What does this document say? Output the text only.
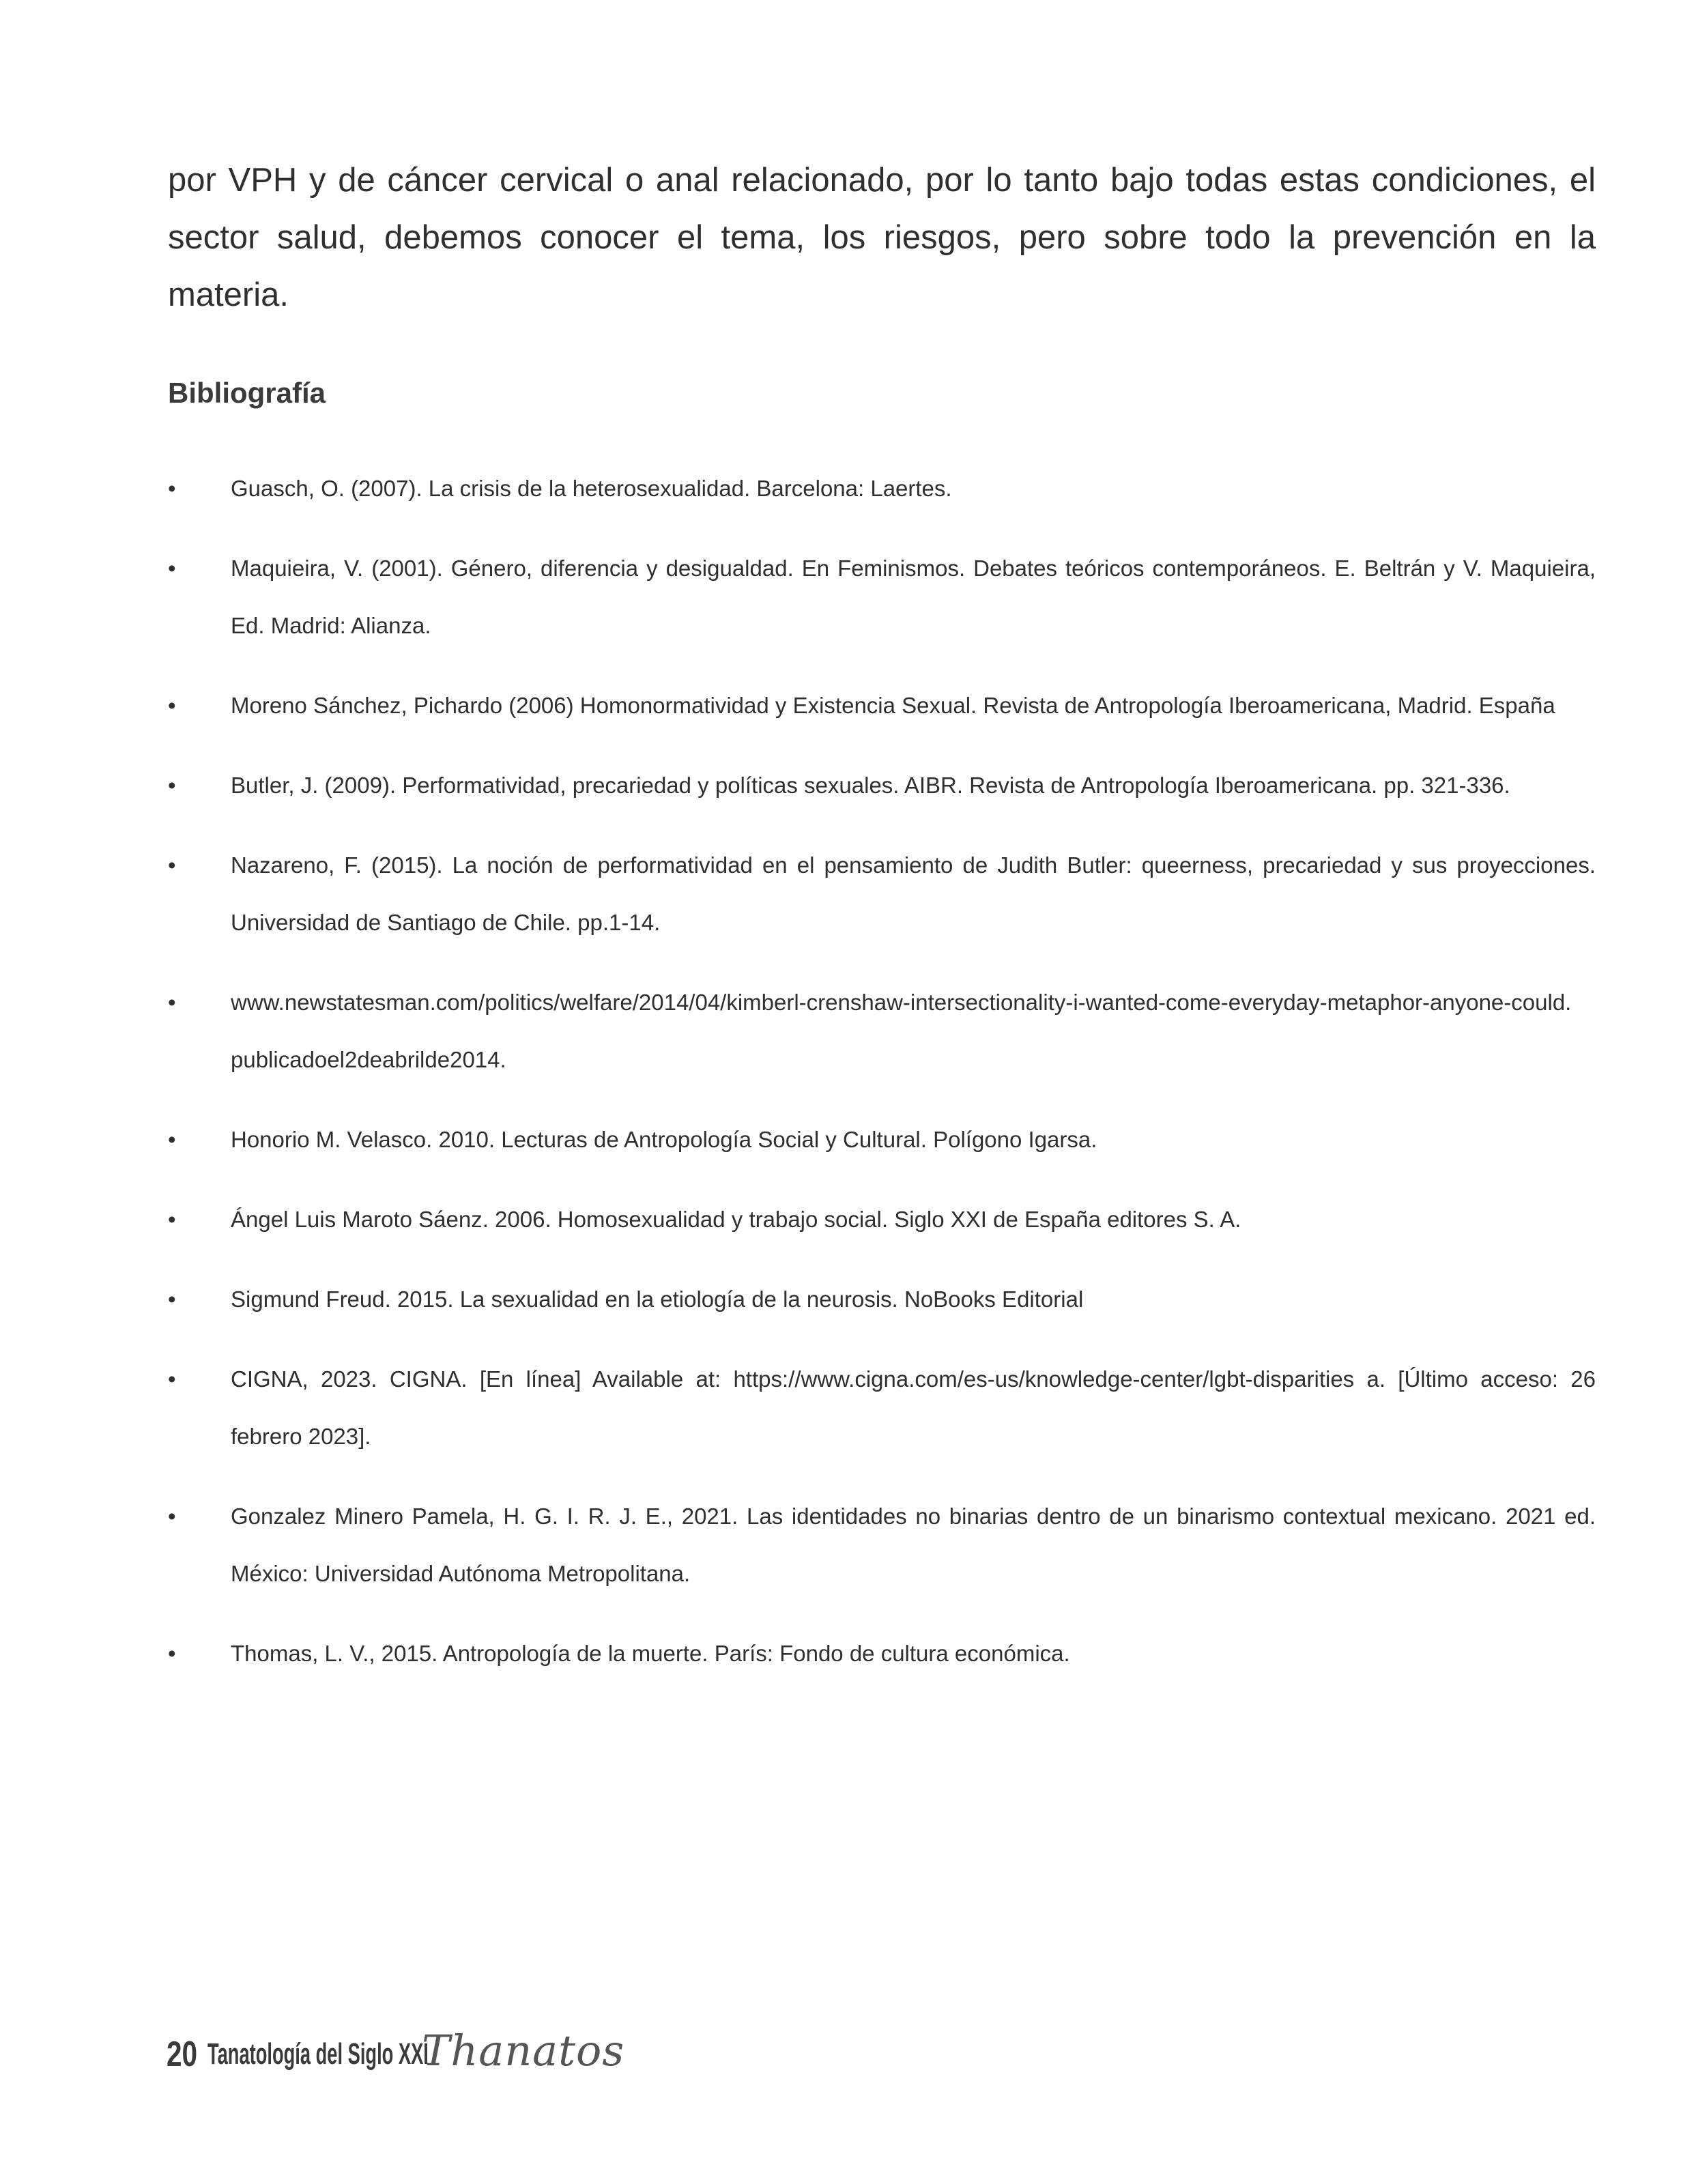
por VPH y de cáncer cervical o anal relacionado, por lo tanto bajo todas estas condiciones, el sector salud, debemos conocer el tema, los riesgos, pero sobre todo la prevención en la materia.

Bibliografía
• Guasch, O. (2007). La crisis de la heterosexualidad. Barcelona: Laertes.
• Maquieira, V. (2001). Género, diferencia y desigualdad. En Feminismos. Debates teóricos contemporáneos. E. Beltrán y V. Maquieira, Ed. Madrid: Alianza.
• Moreno Sánchez, Pichardo (2006) Homonormatividad y Existencia Sexual. Revista de Antropología Iberoamericana, Madrid. España
• Butler, J. (2009). Performatividad, precariedad y políticas sexuales. AIBR. Revista de Antropología Iberoamericana. pp. 321-336.
• Nazareno, F. (2015). La noción de performatividad en el pensamiento de Judith Butler: queerness, precariedad y sus proyecciones. Universidad de Santiago de Chile. pp.1-14.
• www.newstatesman.com/politics/welfare/2014/04/kimberl-crenshaw-intersectionality-i-wanted-come-everyday-metaphor-anyone-could. publicadoel2deabrilde2014.
• Honorio M. Velasco. 2010. Lecturas de Antropología Social y Cultural. Polígono Igarsa.
• Ángel Luis Maroto Sáenz. 2006. Homosexualidad y trabajo social. Siglo XXI de España editores S. A.
• Sigmund Freud. 2015. La sexualidad en la etiología de la neurosis. NoBooks Editorial
• CIGNA, 2023. CIGNA. [En línea] Available at: https://www.cigna.com/es-us/knowledge-center/lgbt-disparities a. [Último acceso: 26 febrero 2023].
• Gonzalez Minero Pamela, H. G. I. R. J. E., 2021. Las identidades no binarias dentro de un binarismo contextual mexicano. 2021 ed. México: Universidad Autónoma Metropolitana.
• Thomas, L. V., 2015. Antropología de la muerte. París: Fondo de cultura económica.
20 Tanatología del Siglo XXI
Thanatos
